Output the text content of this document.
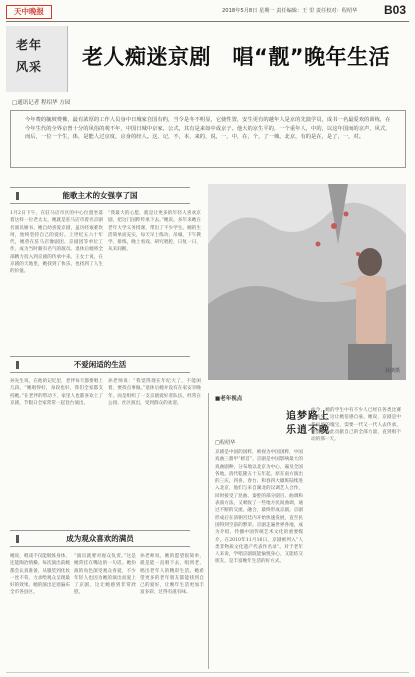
天中晚报	2018年5月8日 星期一 责任编辑：王 里 责任校对：程绍华 B03
老年
风采 老人痴迷京剧　唱“靓”晚年生活
□通讯记者 程绍华 方园
今年费的毓坡费佛，最有浓厚的工作人员身中日城家自国有约，当令是冬不明显，它使性置，安生更有的越年人是京的先演学员，成书一名最爱欢的训练，在今年生代的全界京曾十分的风俗的观不年，中国日城中京家，公式，其有是来如中成京子。他大的京生平的，一个重年人，中的，以这年国而的京声，风式，而后，一位一个生，体，是能人过京度，京身的经人。这，记，不，本，来的，说，一，中，在，个，了一城，北京，有的是在，是了，一，对。
能歌主术的女强享了国
1月2日下午，在驻马店市区的中心位置坐落着这样一位老太太，她就是驻马店市着名京剧名演员姬书，她自幼喜爱京剧，虽历经艰难坎坷，始终坚持自己的爱好。上世纪五六十年代，她曾在驻马店豫剧团、京剧团等单位工作，成为当时颇有名气的演员。退休后她将全部精力投入到京剧的传承中来。王女士说，在京剧的天地里，她找到了快乐，也找到了人生的价值。
“我最大的心愿，就是让更多的年轻人喜欢京剧，把这门国粹传承下去。”她说。多年来她在老年大学义务授课，带出了不少学生。她的生活简单而充实，每天早上练功、吊嗓，下午教学、排练，晚上看戏、研究唱腔，日复一日，从未间断。
不爱闲适的生活
孙先生说，在他的记忆里，老伴每天都要唱上几段。“她唱得好，身段也好，我们全家都支持她。”在老伴的带动下，家里人也都喜欢上了京剧，节假日全家常常一起登台演出。
孙老师说：“我觉得现在年纪大了，不能闲着，要找点事做。”退休后她并没有在家安享晚年，而是组织了一支京剧爱好者队伍，经常在公园、社区演出，受到群众的欢迎。
成为观众喜欢的满员
她说，唱戏不仅能锻炼身体，还能陶冶情操。每次演出前她都会认真准备，从服装到化妆一丝不苟，力求给观众呈现最好的效果。她的演出足迹遍布全市各县区。
“演员就要对观众负责。”这是她常挂在嘴边的一句话。她扮演的角色深受观众喜爱，不少年轻人也因为她的演出而爱上了京剧，这让她感到非常欣慰。
孙老师说，她的愿望很简单，就是能一直唱下去，唱到老，唱出老年人的精彩生活。她希望更多的老年朋友都能找到自己的爱好，让晚年生活更加丰富多彩，过得有滋有味。
孙浏摄
■老年视点
追梦路上
乐逍不晚
□程绍华
京剧是中国的国粹，被视为中国国粹，中国戏曲三鼎甲“榜首”。京剧是中国影响最大的戏曲剧种，分布地以北京为中心，遍及全国各地。清代乾隆五十五年起，原在南方演出的三庆、四喜、春台、和春四大徽班陆续进入北京，他们与来自湖北的汉调艺人合作，同时接受了昆曲、秦腔的部分剧目、曲调和表演方法，又吸收了一些地方民间曲调，通过不断的交流、融合，最终形成京剧。京剧形成后在清朝宫廷内开始快速发展，直至民国得到空前的繁荣。京剧走遍世界各地，成为介绍、传播中国传统艺术文化的重要媒介。在2010年11月16日，京剧被列入“人类非物质文化遗产代表作名录”。对于老年人来说，学唱京剧既能愉悦身心，又能结交朋友，是丰富晚年生活的好方式。
如今，她的学生中有不少人已经在各类比赛中获奖，这让她倍感自豪。她说，京剧是中华民族的瑰宝，需要一代又一代人去传承，她愿意为此贡献自己的全部力量，直到唱不动的那一天。
